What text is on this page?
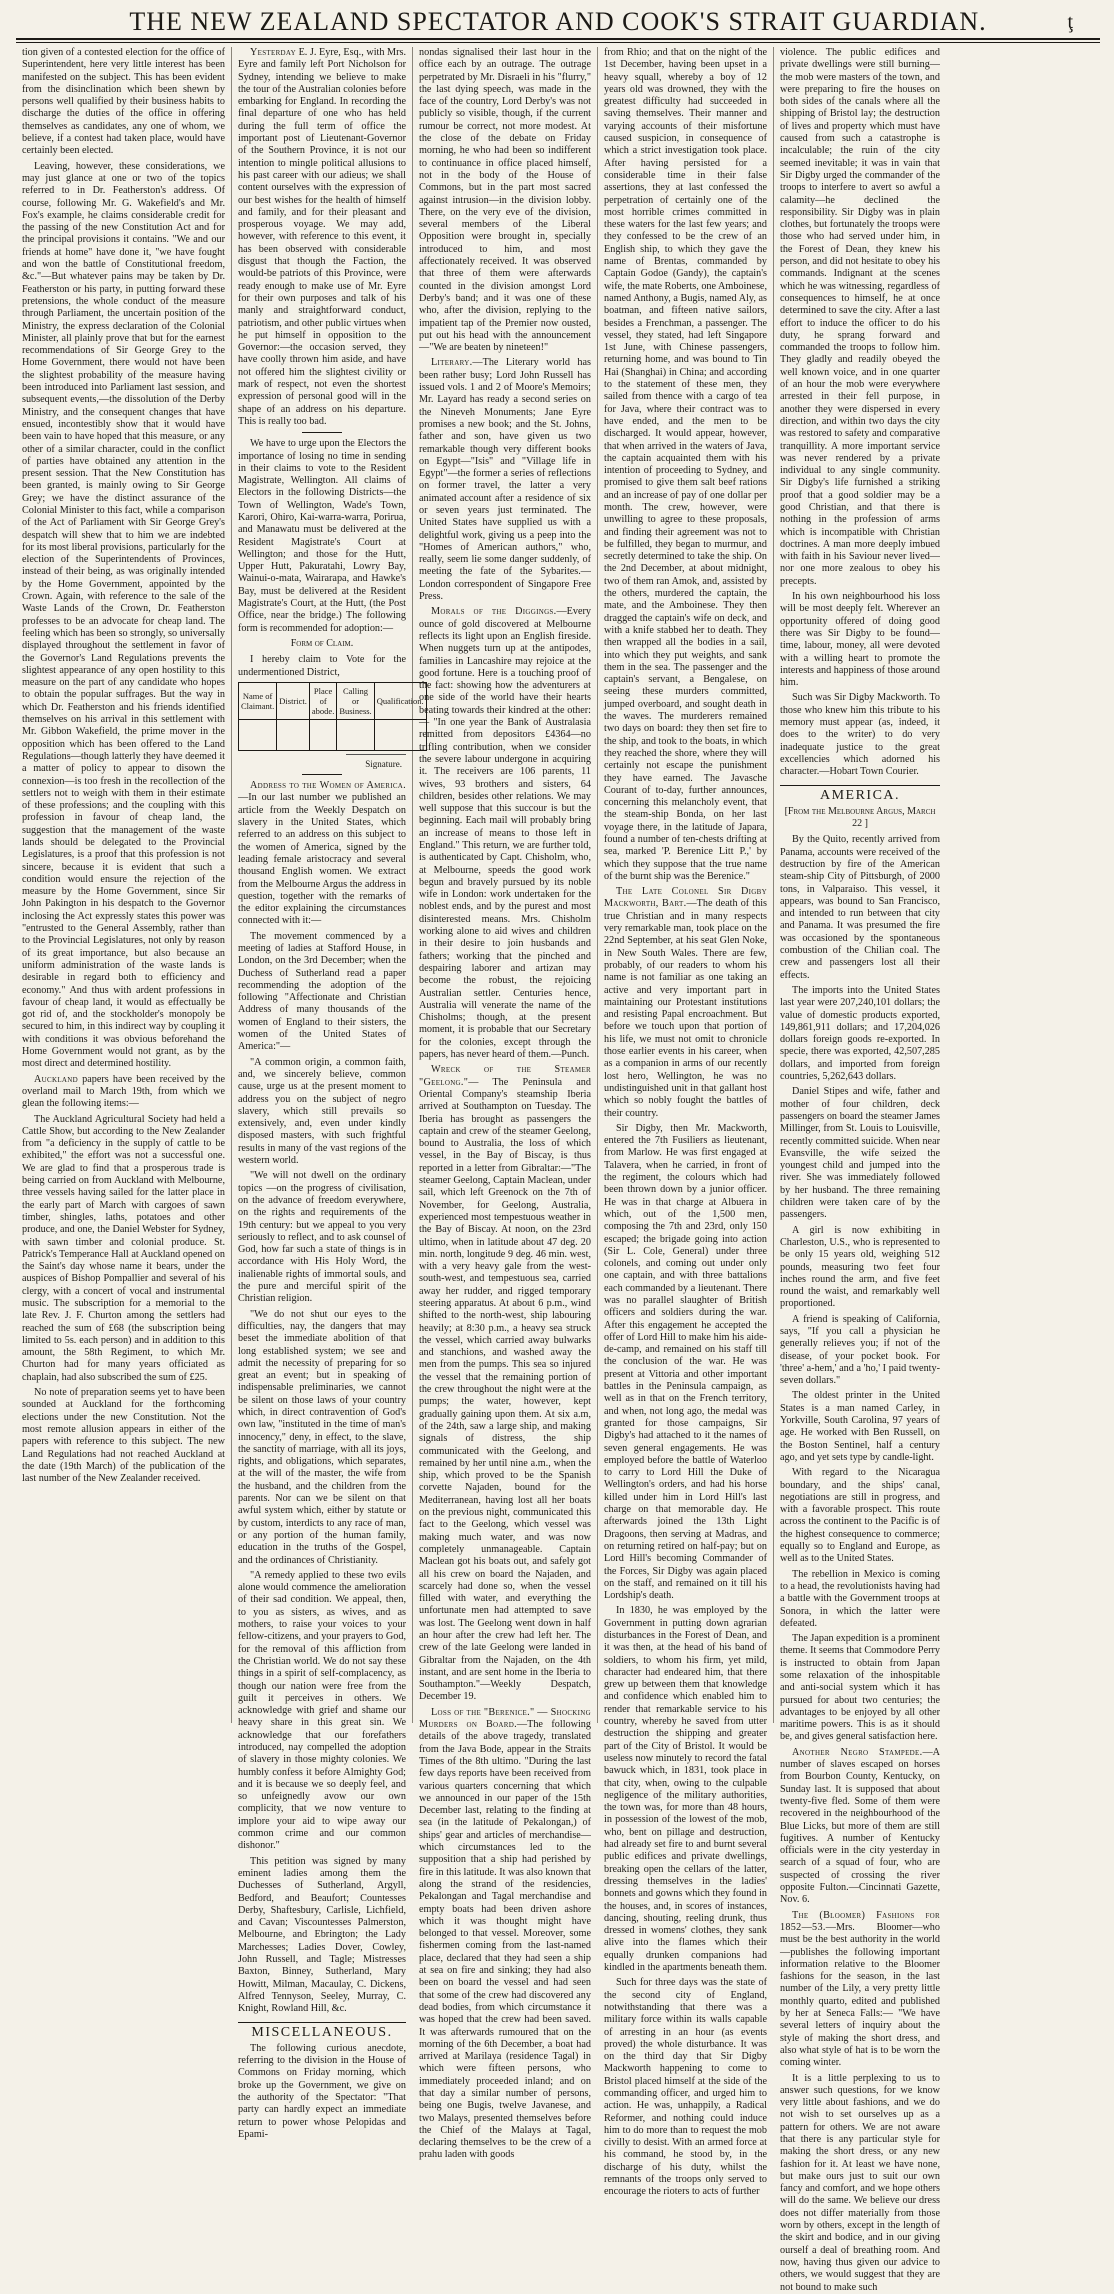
THE NEW ZEALAND SPECTATOR AND COOK'S STRAIT GUARDIAN.	ţ

tion given of a contested election for the office of Superintendent, here very little interest has been manifested on the subject. This has been evident from the disinclination which been shewn by persons well qualified by their business habits to discharge the duties of the office in offering themselves as candidates, any one of whom, we believe, if a contest had taken place, would have certainly been elected.

Leaving, however, these considerations, we may just glance at one or two of the topics referred to in Dr. Featherston's address. Of course, following Mr. G. Wakefield's and Mr. Fox's example, he claims considerable credit for the passing of the new Constitution Act and for the principal provisions it contains. "We and our friends at home" have done it, "we have fought and won the battle of Constitutional freedom, &c."—But whatever pains may be taken by Dr. Featherston or his party, in putting forward these pretensions, the whole conduct of the measure through Parliament, the uncertain position of the Ministry, the express declaration of the Colonial Minister, all plainly prove that but for the earnest recommendations of Sir George Grey to the Home Government, there would not have been the slightest probability of the measure having been introduced into Parliament last session, and subsequent events,—the dissolution of the Derby Ministry, and the consequent changes that have ensued, incontestibly show that it would have been vain to have hoped that this measure, or any other of a similar character, could in the conflict of parties have obtained any attention in the present session. That the New Constitution has been granted, is mainly owing to Sir George Grey; we have the distinct assurance of the Colonial Minister to this fact, while a comparison of the Act of Parliament with Sir George Grey's despatch will shew that to him we are indebted for its most liberal provisions, particularly for the election of the Superintendents of Provinces, instead of their being, as was originally intended by the Home Government, appointed by the Crown. Again, with reference to the sale of the Waste Lands of the Crown, Dr. Featherston professes to be an advocate for cheap land. The feeling which has been so strongly, so universally displayed throughout the settlement in favor of the Governor's Land Regulations prevents the slightest appearance of any open hostility to this measure on the part of any candidate who hopes to obtain the popular suffrages. But the way in which Dr. Featherston and his friends identified themselves on his arrival in this settlement with Mr. Gibbon Wakefield, the prime mover in the opposition which has been offered to the Land Regulations—though latterly they have deemed it a matter of policy to appear to disown the connexion—is too fresh in the recollection of the settlers not to weigh with them in their estimate of these professions; and the coupling with this profession in favour of cheap land, the suggestion that the management of the waste lands should be delegated to the Provincial Legislatures, is a proof that this profession is not sincere, because it is evident that such a condition would ensure the rejection of the measure by the Home Government, since Sir John Pakington in his despatch to the Governor inclosing the Act expressly states this power was "entrusted to the General Assembly, rather than to the Provincial Legislatures, not only by reason of its great importance, but also because an uniform administration of the waste lands is desirable in regard both to efficiency and economy." And thus with ardent professions in favour of cheap land, it would as effectually be got rid of, and the stockholder's monopoly be secured to him, in this indirect way by coupling it with conditions it was obvious beforehand the Home Government would not grant, as by the most direct and determined hostility.

Auckland papers have been received by the overland mail to March 19th, from which we glean the following items:—

The Auckland Agricultural Society had held a Cattle Show, but according to the New Zealander from "a deficiency in the supply of cattle to be exhibited," the effort was not a successful one. We are glad to find that a prosperous trade is being carried on from Auckland with Melbourne, three vessels having sailed for the latter place in the early part of March with cargoes of sawn timber, shingles, laths, potatoes and other produce, and one, the Daniel Webster for Sydney, with sawn timber and colonial produce. St. Patrick's Temperance Hall at Auckland opened on the Saint's day whose name it bears, under the auspices of Bishop Pompallier and several of his clergy, with a concert of vocal and instrumental music. The subscription for a memorial to the late Rev. J. F. Churton among the settlers had reached the sum of £68 (the subscription being limited to 5s. each person) and in addition to this amount, the 58th Regiment, to which Mr. Churton had for many years officiated as chaplain, had also subscribed the sum of £25.

No note of preparation seems yet to have been sounded at Auckland for the forthcoming elections under the new Constitution. Not the most remote allusion appears in either of the papers with reference to this subject. The new Land Regulations had not reached Auckland at the date (19th March) of the publication of the last number of the New Zealander received.

Yesterday E. J. Eyre, Esq., with Mrs. Eyre and family left Port Nicholson for Sydney, intending we believe to make the tour of the Australian colonies before embarking for England. In recording the final departure of one who has held during the full term of office the important post of Lieutenant-Governor of the Southern Province, it is not our intention to mingle political allusions to his past career with our adieus; we shall content ourselves with the expression of our best wishes for the health of himself and family, and for their pleasant and prosperous voyage. We may add, however, with reference to this event, it has been observed with considerable disgust that though the Faction, the would-be patriots of this Province, were ready enough to make use of Mr. Eyre for their own purposes and talk of his manly and straightforward conduct, patriotism, and other public virtues when he put himself in opposition to the Governor:—the occasion served, they have coolly thrown him aside, and have not offered him the slightest civility or mark of respect, not even the shortest expression of personal good will in the shape of an address on his departure. This is really too bad.

We have to urge upon the Electors the importance of losing no time in sending in their claims to vote to the Resident Magistrate, Wellington. All claims of Electors in the following Districts—the Town of Wellington, Wade's Town, Karori, Ohiro, Kai-warra-warra, Porirua, and Manawatu must be delivered at the Resident Magistrate's Court at Wellington; and those for the Hutt, Upper Hutt, Pakuratahi, Lowry Bay, Wainui-o-mata, Wairarapa, and Hawke's Bay, must be delivered at the Resident Magistrate's Court, at the Hutt, (the Post Office, near the bridge.) The following form is recommended for adoption:—

Form of Claim.

I hereby claim to Vote for the undermentioned District,

Name of Claimant.	District.	Place of abode.	Calling or Business.	Qualification.

Signature.

Address to the Women of America.—In our last number we published an article from the Weekly Despatch on slavery in the United States, which referred to an address on this subject to the women of America, signed by the leading female aristocracy and several thousand English women. We extract from the Melbourne Argus the address in question, together with the remarks of the editor explaining the circumstances connected with it:—

The movement commenced by a meeting of ladies at Stafford House, in London, on the 3rd December; when the Duchess of Sutherland read a paper recommending the adoption of the following "Affectionate and Christian Address of many thousands of the women of England to their sisters, the women of the United States of America:"—

"A common origin, a common faith, and, we sincerely believe, common cause, urge us at the present moment to address you on the subject of negro slavery, which still prevails so extensively, and, even under kindly disposed masters, with such frightful results in many of the vast regions of the western world.

"We will not dwell on the ordinary topics —on the progress of civilisation, on the advance of freedom everywhere, on the rights and requirements of the 19th century: but we appeal to you very seriously to reflect, and to ask counsel of God, how far such a state of things is in accordance with His Holy Word, the inalienable rights of immortal souls, and the pure and merciful spirit of the Christian religion.

"We do not shut our eyes to the difficulties, nay, the dangers that may beset the immediate abolition of that long established system; we see and admit the necessity of preparing for so great an event; but in speaking of indispensable preliminaries, we cannot be silent on those laws of your country which, in direct contravention of God's own law, "instituted in the time of man's innocency," deny, in effect, to the slave, the sanctity of marriage, with all its joys, rights, and obligations, which separates, at the will of the master, the wife from the husband, and the children from the parents. Nor can we be silent on that awful system which, either by statute or by custom, interdicts to any race of man, or any portion of the human family, education in the truths of the Gospel, and the ordinances of Christianity.

"A remedy applied to these two evils alone would commence the amelioration of their sad condition. We appeal, then, to you as sisters, as wives, and as mothers, to raise your voices to your fellow-citizens, and your prayers to God, for the removal of this affliction from the Christian world. We do not say these things in a spirit of self-complacency, as though our nation were free from the guilt it perceives in others. We acknowledge with grief and shame our heavy share in this great sin. We acknowledge that our forefathers introduced, nay compelled the adoption of slavery in those mighty colonies. We humbly confess it before Almighty God; and it is because we so deeply feel, and so unfeignedly avow our own complicity, that we now venture to implore your aid to wipe away our common crime and our common dishonor."

This petition was signed by many eminent ladies among them the Duchesses of Sutherland, Argyll, Bedford, and Beaufort; Countesses Derby, Shaftesbury, Carlisle, Lichfield, and Cavan; Viscountesses Palmerston, Melbourne, and Ebrington; the Lady Marchesses; Ladies Dover, Cowley, John Russell, and Tagle; Mistresses Baxton, Binney, Sutherland, Mary Howitt, Milman, Macaulay, C. Dickens, Alfred Tennyson, Seeley, Murray, C. Knight, Rowland Hill, &c.

MISCELLANEOUS.

The following curious anecdote, referring to the division in the House of Commons on Friday morning, which broke up the Government, we give on the authority of the Spectator: "That party can hardly expect an immediate return to power whose Pelopidas and Epami-

nondas signalised their last hour in the office each by an outrage. The outrage perpetrated by Mr. Disraeli in his "flurry," the last dying speech, was made in the face of the country, Lord Derby's was not publicly so visible, though, if the current rumour be correct, not more modest. At the close of the debate on Friday morning, he who had been so indifferent to continuance in office placed himself, not in the body of the House of Commons, but in the part most sacred against intrusion—in the division lobby. There, on the very eve of the division, several members of the Liberal Opposition were brought in, specially introduced to him, and most affectionately received. It was observed that three of them were afterwards counted in the division amongst Lord Derby's band; and it was one of these who, after the division, replying to the impatient tap of the Premier now ousted, put out his head with the announcement—"We are beaten by nineteen!"

Literary.—The Literary world has been rather busy; Lord John Russell has issued vols. 1 and 2 of Moore's Memoirs; Mr. Layard has ready a second series on the Nineveh Monuments; Jane Eyre promises a new book; and the St. Johns, father and son, have given us two remarkable though very different books on Egypt—"Isis" and "Village life in Egypt"—the former a series of reflections on former travel, the latter a very animated account after a residence of six or seven years just terminated. The United States have supplied us with a delightful work, giving us a peep into the "Homes of American authors," who, really, seem lie some danger suddenly, of meeting the fate of the Sybarites.—London correspondent of Singapore Free Press.

Morals of the Diggings.—Every ounce of gold discovered at Melbourne reflects its light upon an English fireside. When nuggets turn up at the antipodes, families in Lancashire may rejoice at the good fortune. Here is a touching proof of the fact: showing how the adventurers at one side of the world have their hearts beating towards their kindred at the other:— "In one year the Bank of Australasia remitted from depositors £4364—no trifling contribution, when we consider the severe labour undergone in acquiring it. The receivers are 106 parents, 11 wives, 93 brothers and sisters, 64 children, besides other relations. We may well suppose that this succour is but the beginning. Each mail will probably bring an increase of means to those left in England." This return, we are further told, is authenticated by Capt. Chisholm, who, at Melbourne, speeds the good work begun and bravely pursued by its noble wife in London: work undertaken for the noblest ends, and by the purest and most disinterested means. Mrs. Chisholm working alone to aid wives and children in their desire to join husbands and fathers; working that the pinched and despairing laborer and artizan may become the robust, the rejoicing Australian settler. Centuries hence, Australia will venerate the name of the Chisholms; though, at the present moment, it is probable that our Secretary for the colonies, except through the papers, has never heard of them.—Punch.

Wreck of the Steamer "Geelong."— The Peninsula and Oriental Company's steamship Iberia arrived at Southampton on Tuesday. The Iberia has brought as passengers the captain and crew of the steamer Geelong, bound to Australia, the loss of which vessel, in the Bay of Biscay, is thus reported in a letter from Gibraltar:—"The steamer Geelong, Captain Maclean, under sail, which left Greenock on the 7th of November, for Geelong, Australia, experienced most tempestuous weather in the Bay of Biscay. At noon, on the 23rd ultimo, when in latitude about 47 deg. 20 min. north, longitude 9 deg. 46 min. west, with a very heavy gale from the west-south-west, and tempestuous sea, carried away her rudder, and rigged temporary steering apparatus. At about 6 p.m., wind shifted to the north-west, ship labouring heavily; at 8:30 p.m., a heavy sea struck the vessel, which carried away bulwarks and stanchions, and washed away the men from the pumps. This sea so injured the vessel that the remaining portion of the crew throughout the night were at the pumps; the water, however, kept gradually gaining upon them. At six a.m, of the 24th, saw a large ship, and making signals of distress, the ship communicated with the Geelong, and remained by her until nine a.m., when the ship, which proved to be the Spanish corvette Najaden, bound for the Mediterranean, having lost all her boats on the previous night, communicated this fact to the Geelong, which vessel was making much water, and was now completely unmanageable. Captain Maclean got his boats out, and safely got all his crew on board the Najaden, and scarcely had done so, when the vessel filled with water, and everything the unfortunate men had attempted to save was lost. The Geelong went down in half an hour after the crew had left her. The crew of the late Geelong were landed in Gibraltar from the Najaden, on the 4th instant, and are sent home in the Iberia to Southampton."—Weekly Despatch, December 19.

Loss of the "Berenice." — Shocking Murders on Board.—The following details of the above tragedy, translated from the Java Bode, appear in the Straits Times of the 8th ultimo. "During the last few days reports have been received from various quarters concerning that which we announced in our paper of the 15th December last, relating to the finding at sea (in the latitude of Pekalongan,) of ships' gear and articles of merchandise—which circumstances led to the supposition that a ship had perished by fire in this latitude. It was also known that along the strand of the residencies, Pekalongan and Tagal merchandise and empty boats had been driven ashore which it was thought might have belonged to that vessel. Moreover, some fishermen coming from the last-named place, declared that they had seen a ship at sea on fire and sinking; they had also been on board the vessel and had seen that some of the crew had discovered any dead bodies, from which circumstance it was hoped that the crew had been saved. It was afterwards rumoured that on the morning of the 6th December, a boat had arrived at Marilaya (residence Tagal) in which were fifteen persons, who immediately proceeded inland; and on that day a similar number of persons, being one Bugis, twelve Javanese, and two Malays, presented themselves before the Chief of the Malays at Tagal, declaring themselves to be the crew of a prahu laden with goods

from Rhio; and that on the night of the 1st December, having been upset in a heavy squall, whereby a boy of 12 years old was drowned, they with the greatest difficulty had succeeded in saving themselves. Their manner and varying accounts of their misfortune caused suspicion, in consequence of which a strict investigation took place. After having persisted for a considerable time in their false assertions, they at last confessed the perpetration of certainly one of the most horrible crimes committed in these waters for the last few years; and they confessed to be the crew of an English ship, to which they gave the name of Brentas, commanded by Captain Godoe (Gandy), the captain's wife, the mate Roberts, one Amboinese, named Anthony, a Bugis, named Aly, as boatman, and fifteen native sailors, besides a Frenchman, a passenger. The vessel, they stated, had left Singapore 1st June, with Chinese passengers, returning home, and was bound to Tin Hai (Shanghai) in China; and according to the statement of these men, they sailed from thence with a cargo of tea for Java, where their contract was to have ended, and the men to be discharged. It would appear, however, that when arrived in the waters of Java, the captain acquainted them with his intention of proceeding to Sydney, and promised to give them salt beef rations and an increase of pay of one dollar per month. The crew, however, were unwilling to agree to these proposals, and finding their agreement was not to be fulfilled, they began to murmur, and secretly determined to take the ship. On the 2nd December, at about midnight, two of them ran Amok, and, assisted by the others, murdered the captain, the mate, and the Amboinese. They then dragged the captain's wife on deck, and with a knife stabbed her to death. They then wrapped all the bodies in a sail, into which they put weights, and sank them in the sea. The passenger and the captain's servant, a Bengalese, on seeing these murders committed, jumped overboard, and sought death in the waves. The murderers remained two days on board: they then set fire to the ship, and took to the boats, in which they reached the shore, where they will certainly not escape the punishment they have earned. The Javasche Courant of to-day, further announces, concerning this melancholy event, that the steam-ship Bonda, on her last voyage there, in the latitude of Japara, found a number of ten-chests drifting at sea, marked 'P. Berenice Litt P.,' by which they suppose that the true name of the burnt ship was the Berenice."

The Late Colonel Sir Digby Mackworth, Bart.—The death of this true Christian and in many respects very remarkable man, took place on the 22nd September, at his seat Glen Noke, in New South Wales. There are few, probably, of our readers to whom his name is not familiar as one taking an active and very important part in maintaining our Protestant institutions and resisting Papal encroachment. But before we touch upon that portion of his life, we must not omit to chronicle those earlier events in his career, when as a companion in arms of our recently lost hero, Wellington, he was no undistinguished unit in that gallant host which so nobly fought the battles of their country.

Sir Digby, then Mr. Mackworth, entered the 7th Fusiliers as lieutenant, from Marlow. He was first engaged at Talavera, when he carried, in front of the regiment, the colours which had been thrown down by a junior officer. He was in that charge at Albuera in which, out of the 1,500 men, composing the 7th and 23rd, only 150 escaped; the brigade going into action (Sir L. Cole, General) under three colonels, and coming out under only one captain, and with three battalions each commanded by a lieutenant. There was no parallel slaughter of British officers and soldiers during the war. After this engagement he accepted the offer of Lord Hill to make him his aide-de-camp, and remained on his staff till the conclusion of the war. He was present at Vittoria and other important battles in the Peninsula campaign, as well as in that on the French territory, and when, not long ago, the medal was granted for those campaigns, Sir Digby's had attached to it the names of seven general engagements. He was employed before the battle of Waterloo to carry to Lord Hill the Duke of Wellington's orders, and had his horse killed under him in Lord Hill's last charge on that memorable day. He afterwards joined the 13th Light Dragoons, then serving at Madras, and on returning retired on half-pay; but on Lord Hill's becoming Commander of the Forces, Sir Digby was again placed on the staff, and remained on it till his Lordship's death.

In 1830, he was employed by the Government in putting down agrarian disturbances in the Forest of Dean, and it was then, at the head of his band of soldiers, to whom his firm, yet mild, character had endeared him, that there grew up between them that knowledge and confidence which enabled him to render that remarkable service to his country, whereby he saved from utter destruction the shipping and greater part of the City of Bristol. It would be useless now minutely to record the fatal bawuck which, in 1831, took place in that city, when, owing to the culpable negligence of the military authorities, the town was, for more than 48 hours, in possession of the lowest of the mob, who, bent on pillage and destruction, had already set fire to and burnt several public edifices and private dwellings, breaking open the cellars of the latter, dressing themselves in the ladies' bonnets and gowns which they found in the houses, and, in scores of instances, dancing, shouting, reeling drunk, thus dressed in womens' clothes, they sank alive into the flames which their equally drunken companions had kindled in the apartments beneath them.

Such for three days was the state of the second city of England, notwithstanding that there was a military force within its walls capable of arresting in an hour (as events proved) the whole disturbance. It was on the third day that Sir Digby Mackworth happening to come to Bristol placed himself at the side of the commanding officer, and urged him to action. He was, unhappily, a Radical Reformer, and nothing could induce him to do more than to request the mob civilly to desist. With an armed force at his command, he stood by, in the discharge of his duty, whilst the remnants of the troops only served to encourage the rioters to acts of further

violence. The public edifices and private dwellings were still burning—the mob were masters of the town, and were preparing to fire the houses on both sides of the canals where all the shipping of Bristol lay; the destruction of lives and property which must have caused from such a catastrophe is incalculable; the ruin of the city seemed inevitable; it was in vain that Sir Digby urged the commander of the troops to interfere to avert so awful a calamity—he declined the responsibility. Sir Digby was in plain clothes, but fortunately the troops were those who had served under him, in the Forest of Dean, they knew his person, and did not hesitate to obey his commands. Indignant at the scenes which he was witnessing, regardless of consequences to himself, he at once determined to save the city. After a last effort to induce the officer to do his duty, he sprang forward and commanded the troops to follow him. They gladly and readily obeyed the well known voice, and in one quarter of an hour the mob were everywhere arrested in their fell purpose, in another they were dispersed in every direction, and within two days the city was restored to safety and comparative tranquillity. A more important service was never rendered by a private individual to any single community. Sir Digby's life furnished a striking proof that a good soldier may be a good Christian, and that there is nothing in the profession of arms which is incompatible with Christian doctrines. A man more deeply imbued with faith in his Saviour never lived—nor one more zealous to obey his precepts.

In his own neighbourhood his loss will be most deeply felt. Wherever an opportunity offered of doing good there was Sir Digby to be found—time, labour, money, all were devoted with a willing heart to promote the interests and happiness of those around him.

Such was Sir Digby Mackworth. To those who knew him this tribute to his memory must appear (as, indeed, it does to the writer) to do very inadequate justice to the great excellencies which adorned his character.—Hobart Town Courier.

AMERICA.
[From the Melbourne Argus, March 22 ]

By the Quito, recently arrived from Panama, accounts were received of the destruction by fire of the American steam-ship City of Pittsburgh, of 2000 tons, in Valparaiso. This vessel, it appears, was bound to San Francisco, and intended to run between that city and Panama. It was presumed the fire was occasioned by the spontaneous combustion of the Chilian coal. The crew and passengers lost all their effects.

The imports into the United States last year were 207,240,101 dollars; the value of domestic products exported, 149,861,911 dollars; and 17,204,026 dollars foreign goods re-exported. In specie, there was exported, 42,507,285 dollars, and imported from foreign countries, 5,262,643 dollars.

Daniel Stipes and wife, father and mother of four children, deck passengers on board the steamer James Millinger, from St. Louis to Louisville, recently committed suicide. When near Evansville, the wife seized the youngest child and jumped into the river. She was immediately followed by her husband. The three remaining children were taken care of by the passengers.

A girl is now exhibiting in Charleston, U.S., who is represented to be only 15 years old, weighing 512 pounds, measuring two feet four inches round the arm, and five feet round the waist, and remarkably well proportioned.

A friend is speaking of California, says, "If you call a physician he generally relieves you; if not of the disease, of your pocket book. For 'three' a-hem,' and a 'ho,' I paid twenty-seven dollars."

The oldest printer in the United States is a man named Carley, in Yorkville, South Carolina, 97 years of age. He worked with Ben Russell, on the Boston Sentinel, half a century ago, and yet sets type by candle-light.

With regard to the Nicaragua boundary, and the ships' canal, negotiations are still in progress, and with a favorable prospect. This route across the continent to the Pacific is of the highest consequence to commerce; equally so to England and Europe, as well as to the United States.

The rebellion in Mexico is coming to a head, the revolutionists having had a battle with the Government troops at Sonora, in which the latter were defeated.

The Japan expedition is a prominent theme. It seems that Commodore Perry is instructed to obtain from Japan some relaxation of the inhospitable and anti-social system which it has pursued for about two centuries; the advantages to be enjoyed by all other maritime powers. This is as it should be, and gives general satisfaction here.

Another Negro Stampede.—A number of slaves escaped on horses from Bourbon County, Kentucky, on Sunday last. It is supposed that about twenty-five fled. Some of them were recovered in the neighbourhood of the Blue Licks, but more of them are still fugitives. A number of Kentucky officials were in the city yesterday in search of a squad of four, who are suspected of crossing the river opposite Fulton.—Cincinnati Gazette, Nov. 6.

The (Bloomer) Fashions for 1852—53.—Mrs. Bloomer—who must be the best authority in the world—publishes the following important information relative to the Bloomer fashions for the season, in the last number of the Lily, a very pretty little monthly quarto, edited and published by her at Seneca Falls:— "We have several letters of inquiry about the style of making the short dress, and also what style of hat is to be worn the coming winter.

It is a little perplexing to us to answer such questions, for we know very little about fashions, and we do not wish to set ourselves up as a pattern for others. We are not aware that there is any particular style for making the short dress, or any new fashion for it. At least we have none, but make ours just to suit our own fancy and comfort, and we hope others will do the same. We believe our dress does not differ materially from those worn by others, except in the length of the skirt and bodice, and in our giving ourself a deal of breathing room. And now, having thus given our advice to others, we would suggest that they are not bound to make such
